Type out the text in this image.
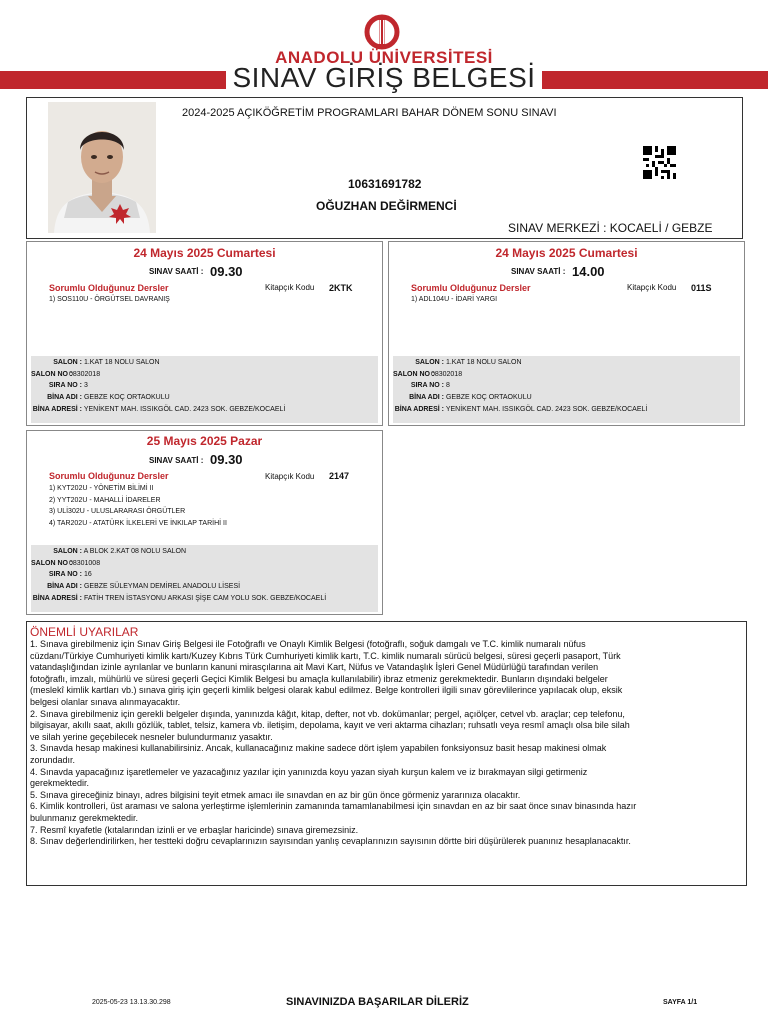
ANADOLU ÜNİVERSİTESİ
SINAV GİRİŞ BELGESİ
2024-2025 AÇIKÖĞRETİM PROGRAMLARI BAHAR DÖNEM SONU SINAVI
10631691782
OĞUZHAN DEĞİRMENCİ
SINAV MERKEZİ : KOCAELİ / GEBZE
24 Mayıs 2025 Cumartesi
SINAV SAATİ : 09.30
Sorumlu Olduğunuz Dersler	Kitapçık Kodu 2KTK
1) SOS110U - ÖRGÜTSEL DAVRANIŞ
SALON : 1.KAT 18 NOLU SALON
SALON NO : 08302018
SIRA NO : 3
BİNA ADI : GEBZE KOÇ ORTAOKULU
BİNA ADRESİ : YENİKENT MAH. ISSIKGÖL CAD. 2423 SOK. GEBZE/KOCAELİ
24 Mayıs 2025 Cumartesi
SINAV SAATİ : 14.00
Sorumlu Olduğunuz Dersler	Kitapçık Kodu 011S
1) ADL104U - İDARİ YARGI
SALON : 1.KAT 18 NOLU SALON
SALON NO : 08302018
SIRA NO : 8
BİNA ADI : GEBZE KOÇ ORTAOKULU
BİNA ADRESİ : YENİKENT MAH. ISSIKGÖL CAD. 2423 SOK. GEBZE/KOCAELİ
25 Mayıs 2025 Pazar
SINAV SAATİ : 09.30
Sorumlu Olduğunuz Dersler	Kitapçık Kodu 2147
1) KYT202U - YÖNETİM BİLİMİ II
2) YYT202U - MAHALLİ İDARELER
3) ULİ302U - ULUSLARARASI ÖRGÜTLER
4) TAR202U - ATATÜRK İLKELERİ VE İNKILAP TARİHİ II
SALON : A BLOK 2.KAT 08 NOLU SALON
SALON NO : 08301008
SIRA NO : 16
BİNA ADI : GEBZE SÜLEYMAN DEMİREL ANADOLU LİSESİ
BİNA ADRESİ : FATİH TREN İSTASYONU ARKASI ŞİŞE CAM YOLU SOK. GEBZE/KOCAELİ
ÖNEMLİ UYARILAR
1. Sınava girebilmeniz için Sınav Giriş Belgesi ile Fotoğraflı ve Onaylı Kimlik Belgesi (fotoğraflı, soğuk damgalı ve T.C. kimlik numaralı nüfus
cüzdanı/Türkiye Cumhuriyeti kimlik kartı/Kuzey Kıbrıs Türk Cumhuriyeti kimlik kartı, T.C. kimlik numaralı sürücü belgesi, süresi geçerli pasaport, Türk
vatandaşlığından izinle ayrılanlar ve bunların kanuni mirasçılarına ait Mavi Kart, Nüfus ve Vatandaşlık İşleri Genel Müdürlüğü tarafından verilen
fotoğraflı, imzalı, mühürlü ve süresi geçerli Geçici Kimlik Belgesi bu amaçla kullanılabilir) ibraz etmeniz gerekmektedir. Bunların dışındaki belgeler
(meslekî kimlik kartları vb.) sınava giriş için geçerli kimlik belgesi olarak kabul edilmez. Belge kontrolleri ilgili sınav görevlilerince yapılacak olup, eksik
belgesi olanlar sınava alınmayacaktır.
2. Sınava girebilmeniz için gerekli belgeler dışında, yanınızda kâğıt, kitap, defter, not vb. dokümanlar; pergel, açıölçer, cetvel vb. araçlar; cep telefonu,
bilgisayar, akıllı saat, akıllı gözlük, tablet, telsiz, kamera vb. iletişim, depolama, kayıt ve veri aktarma cihazları; ruhsatlı veya resmî amaçlı olsa bile silah
ve silah yerine geçebilecek nesneler bulundurmanız yasaktır.
3. Sınavda hesap makinesi kullanabilirsiniz. Ancak, kullanacağınız makine sadece dört işlem yapabilen fonksiyonsuz basit hesap makinesi olmak
zorundadır.
4. Sınavda yapacağınız işaretlemeler ve yazacağınız yazılar için yanınızda koyu yazan siyah kurşun kalem ve iz bırakmayan silgi getirmeniz
gerekmektedir.
5. Sınava gireceğiniz binayı, adres bilgisini teyit etmek amacı ile sınavdan en az bir gün önce görmeniz yararınıza olacaktır.
6. Kimlik kontrolleri, üst araması ve salona yerleştirme işlemlerinin zamanında tamamlanabilmesi için sınavdan en az bir saat önce sınav binasında hazır
bulunmanız gerekmektedir.
7. Resmî kıyafetle (kıtalarından izinli er ve erbaşlar haricinde) sınava giremezsiniz.
8. Sınav değerlendirilirken, her testteki doğru cevaplarınızın sayısından yanlış cevaplarınızın sayısının dörtte biri düşürülerek puanınız hesaplanacaktır.
2025-05-23 13.13.30.298	SINAVINIZDA BAŞARILAR DİLERİZ	SAYFA 1/1
